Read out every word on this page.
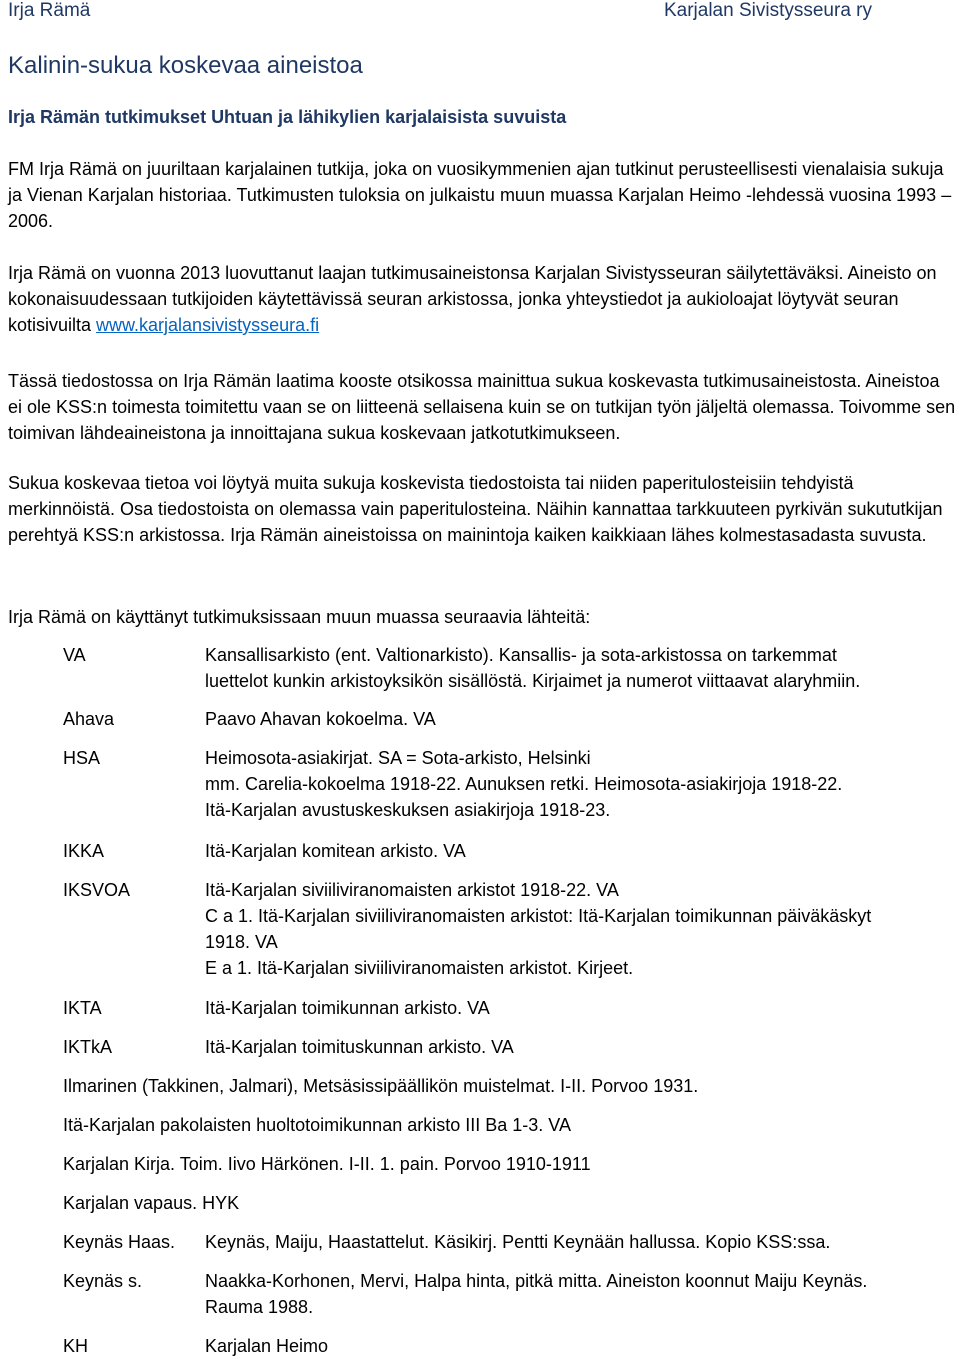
Irja Rämä	Karjalan Sivistysseura ry
Kalinin-sukua koskevaa aineistoa
Irja Rämän tutkimukset Uhtuan ja lähikylien karjalaisista suvuista

FM Irja Rämä on juuriltaan karjalainen tutkija, joka on vuosikymmenien ajan tutkinut perusteellisesti vienalaisia sukuja ja Vienan Karjalan historiaa. Tutkimusten tuloksia on julkaistu muun muassa Karjalan Heimo -lehdessä vuosina 1993 – 2006.

Irja Rämä on vuonna 2013 luovuttanut laajan tutkimusaineistonsa Karjalan Sivistysseuran säilytettäväksi. Aineisto on kokonaisuudessaan tutkijoiden käytettävissä seuran arkistossa, jonka yhteystiedot ja aukioloajat löytyvät seuran kotisivuilta www.karjalansivistysseura.fi

Tässä tiedostossa on Irja Rämän laatima kooste otsikossa mainittua sukua koskevasta tutkimusaineistosta. Aineistoa ei ole KSS:n toimesta toimitettu vaan se on liitteenä sellaisena kuin se on tutkijan työn jäljeltä olemassa. Toivomme sen toimivan lähdeaineistona ja innoittajana sukua koskevaan jatkotutkimukseen.

Sukua koskevaa tietoa voi löytyä muita sukuja koskevista tiedostoista tai niiden paperitulosteisiin tehdyistä merkinnöistä. Osa tiedostoista on olemassa vain paperitulosteina. Näihin kannattaa tarkkuuteen pyrkivän sukututkijan perehtyä KSS:n arkistossa. Irja Rämän aineistoissa on mainintoja kaiken kaikkiaan lähes kolmestasadasta suvusta.

Irja Rämä on käyttänyt tutkimuksissaan muun muassa seuraavia lähteitä:

VA	Kansallisarkisto (ent. Valtionarkisto). Kansallis- ja sota-arkistossa on tarkemmat
luettelot kunkin arkistoyksikön sisällöstä. Kirjaimet ja numerot viittaavat alaryhmiin.
Ahava	Paavo Ahavan kokoelma. VA
HSA	Heimosota-asiakirjat. SA = Sota-arkisto, Helsinki
mm. Carelia-kokoelma 1918-22. Aunuksen retki. Heimosota-asiakirjoja 1918-22.
Itä-Karjalan avustuskeskuksen asiakirjoja 1918-23.
IKKA	Itä-Karjalan komitean arkisto. VA
IKSVOA	Itä-Karjalan siviiliviranomaisten arkistot 1918-22. VA
C a 1. Itä-Karjalan siviiliviranomaisten arkistot: Itä-Karjalan toimikunnan päiväkäskyt
1918. VA
E a 1. Itä-Karjalan siviiliviranomaisten arkistot. Kirjeet.
IKTA	Itä-Karjalan toimikunnan arkisto. VA
IKTkA	Itä-Karjalan toimituskunnan arkisto. VA
Ilmarinen (Takkinen, Jalmari), Metsäsissipäällikön muistelmat. I-II. Porvoo 1931.
Itä-Karjalan pakolaisten huoltotoimikunnan arkisto III Ba 1-3. VA
Karjalan Kirja. Toim. Iivo Härkönen. I-II. 1. pain. Porvoo 1910-1911
Karjalan vapaus. HYK
Keynäs Haas.	Keynäs, Maiju, Haastattelut. Käsikirj. Pentti Keynään hallussa. Kopio KSS:ssa.
Keynäs s.	Naakka-Korhonen, Mervi, Halpa hinta, pitkä mitta. Aineiston koonnut Maiju Keynäs.
Rauma 1988.
KH	Karjalan Heimo
